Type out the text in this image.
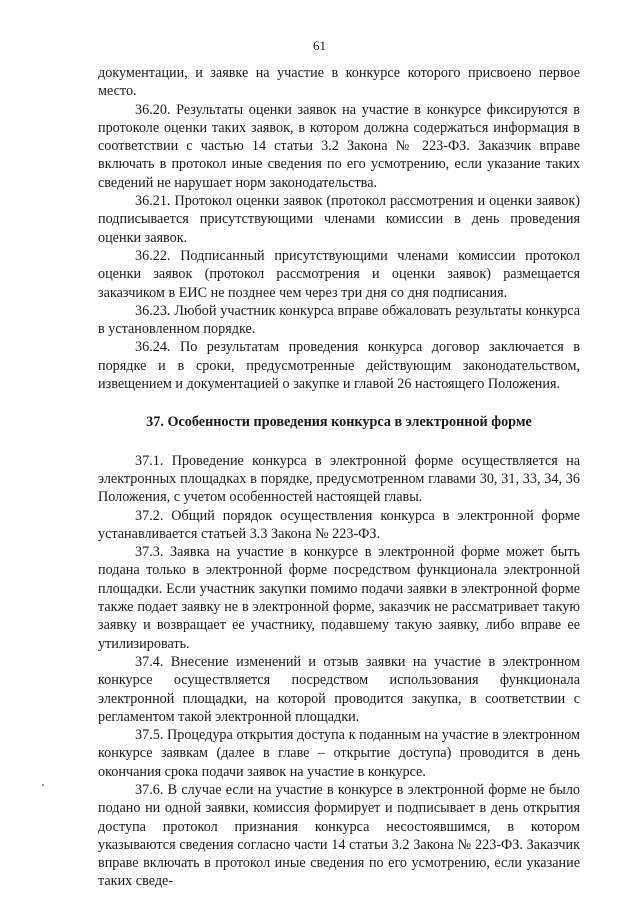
61

документации, и заявке на участие в конкурсе которого присвоено первое место.

36.20. Результаты оценки заявок на участие в конкурсе фиксируются в протоколе оценки таких заявок, в котором должна содержаться информация в соответствии с частью 14 статьи 3.2 Закона № 223-ФЗ. Заказчик вправе включать в протокол иные сведения по его усмотрению, если указание таких сведений не нарушает норм законодательства.

36.21. Протокол оценки заявок (протокол рассмотрения и оценки заявок) подписывается присутствующими членами комиссии в день проведения оценки заявок.

36.22. Подписанный присутствующими членами комиссии протокол оценки заявок (протокол рассмотрения и оценки заявок) размещается заказчиком в ЕИС не позднее чем через три дня со дня подписания.

36.23. Любой участник конкурса вправе обжаловать результаты конкурса в установленном порядке.

36.24. По результатам проведения конкурса договор заключается в порядке и в сроки, предусмотренные действующим законодательством, извещением и документацией о закупке и главой 26 настоящего Положения.

37. Особенности проведения конкурса в электронной форме

37.1. Проведение конкурса в электронной форме осуществляется на электронных площадках в порядке, предусмотренном главами 30, 31, 33, 34, 36 Положения, с учетом особенностей настоящей главы.

37.2. Общий порядок осуществления конкурса в электронной форме устанавливается статьей 3.3 Закона № 223-ФЗ.

37.3. Заявка на участие в конкурсе в электронной форме может быть подана только в электронной форме посредством функционала электронной площадки. Если участник закупки помимо подачи заявки в электронной форме также подает заявку не в электронной форме, заказчик не рассматривает такую заявку и возвращает ее участнику, подавшему такую заявку, либо вправе ее утилизировать.

37.4. Внесение изменений и отзыв заявки на участие в электронном конкурсе осуществляется посредством использования функционала электронной площадки, на которой проводится закупка, в соответствии с регламентом такой электронной площадки.

37.5. Процедура открытия доступа к поданным на участие в электронном конкурсе заявкам (далее в главе – открытие доступа) проводится в день окончания срока подачи заявок на участие в конкурсе.

37.6. В случае если на участие в конкурсе в электронной форме не было подано ни одной заявки, комиссия формирует и подписывает в день открытия доступа протокол признания конкурса несостоявшимся, в котором указываются сведения согласно части 14 статьи 3.2 Закона № 223-ФЗ. Заказчик вправе включать в протокол иные сведения по его усмотрению, если указание таких сведе-
